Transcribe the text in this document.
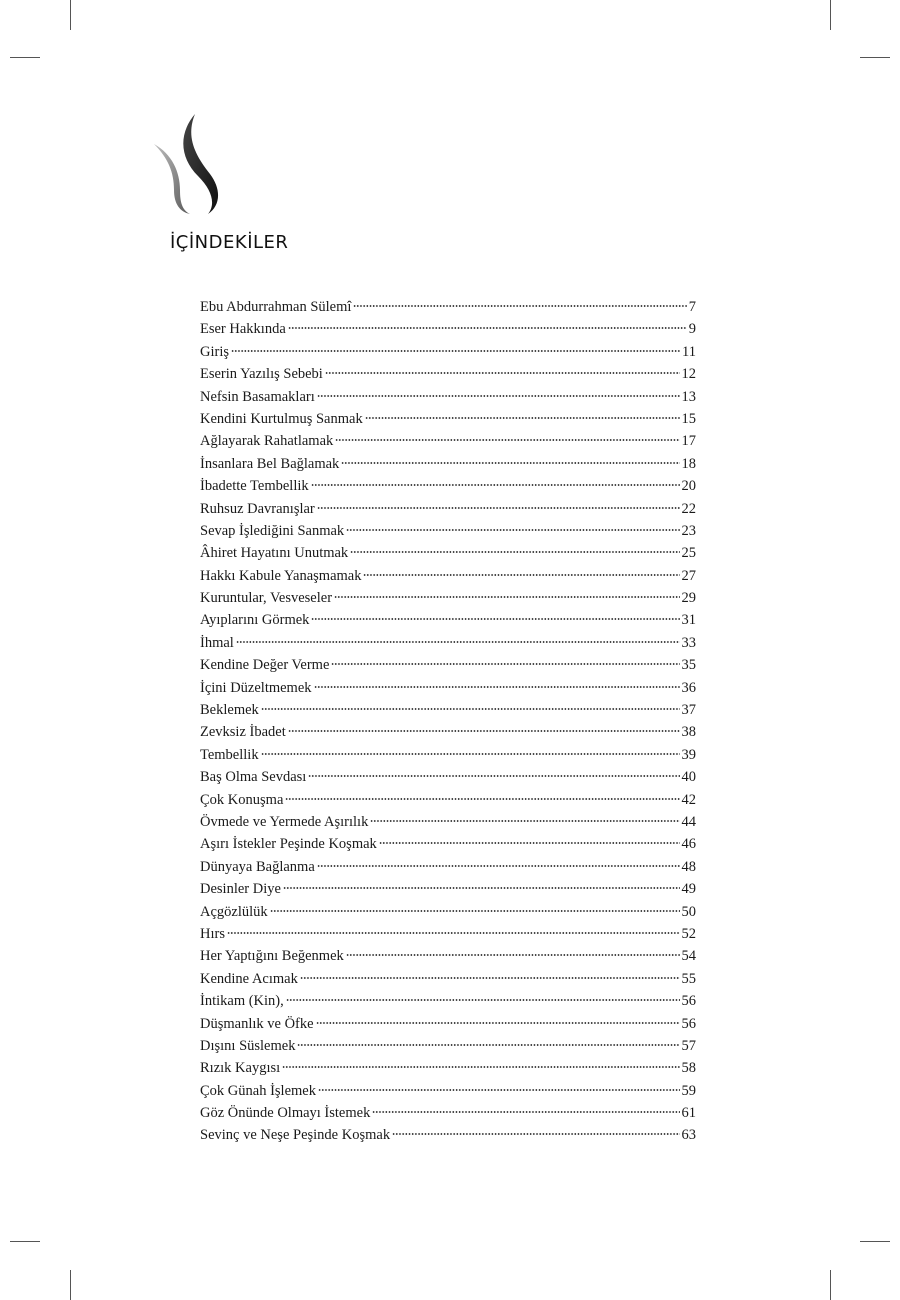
İÇİNDEKİLER
Ebu Abdurrahman Sülemî	7
Eser Hakkında	9
Giriş	11
Eserin Yazılış Sebebi	12
Nefsin Basamakları	13
Kendini Kurtulmuş Sanmak	15
Ağlayarak Rahatlamak	17
İnsanlara Bel Bağlamak	18
İbadette Tembellik	20
Ruhsuz Davranışlar	22
Sevap İşlediğini Sanmak	23
Âhiret Hayatını Unutmak	25
Hakkı Kabule Yanaşmamak	27
Kuruntular, Vesveseler	29
Ayıplarını Görmek	31
İhmal	33
Kendine Değer Verme	35
İçini Düzeltmemek	36
Beklemek	37
Zevksiz İbadet	38
Tembellik	39
Baş Olma Sevdası	40
Çok Konuşma	42
Övmede ve Yermede Aşırılık	44
Aşırı İstekler Peşinde Koşmak	46
Dünyaya Bağlanma	48
Desinler Diye	49
Açgözlülük	50
Hırs	52
Her Yaptığını Beğenmek	54
Kendine Acımak	55
İntikam (Kin),	56
Düşmanlık ve Öfke	56
Dışını Süslemek	57
Rızık Kaygısı	58
Çok Günah İşlemek	59
Göz Önünde Olmayı İstemek	61
Sevinç ve Neşe Peşinde Koşmak	63
